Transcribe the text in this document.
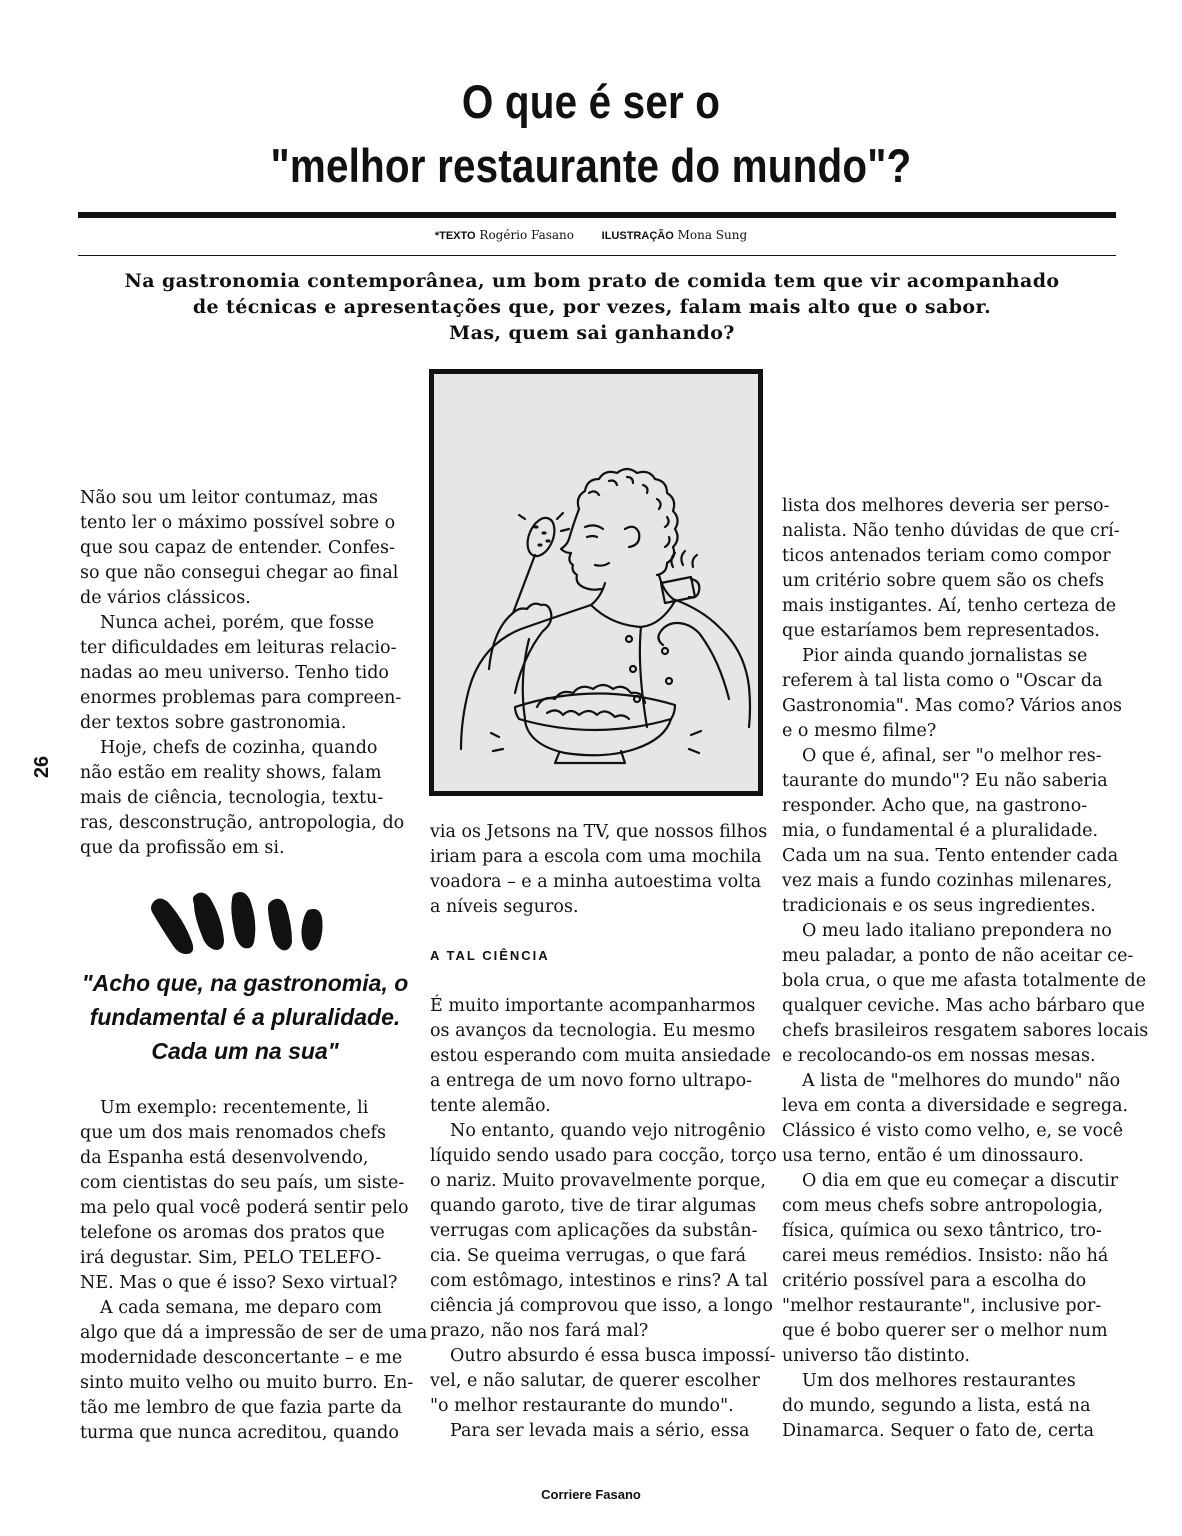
O que é ser o
"melhor restaurante do mundo"?
*TEXTO Rogério Fasano	ILUSTRAÇÃO Mona Sung
Na gastronomia contemporânea, um bom prato de comida tem que vir acompanhado
de técnicas e apresentações que, por vezes, falam mais alto que o sabor.
Mas, quem sai ganhando?
26

Não sou um leitor contumaz, mas

tento ler o máximo possível sobre o

que sou capaz de entender. Confes-

so que não consegui chegar ao final

de vários clássicos.

Nunca achei, porém, que fosse

ter dificuldades em leituras relacio-

nadas ao meu universo. Tenho tido

enormes problemas para compreen-

der textos sobre gastronomia.

Hoje, chefs de cozinha, quando

não estão em reality shows, falam

mais de ciência, tecnologia, textu-

ras, desconstrução, antropologia, do

que da profissão em si.

"Acho que, na gastronomia, o
fundamental é a pluralidade.
Cada um na sua"

Um exemplo: recentemente, li

que um dos mais renomados chefs

da Espanha está desenvolvendo,

com cientistas do seu país, um siste-

ma pelo qual você poderá sentir pelo

telefone os aromas dos pratos que

irá degustar. Sim, PELO TELEFO-

NE. Mas o que é isso? Sexo virtual?

A cada semana, me deparo com

algo que dá a impressão de ser de uma

modernidade desconcertante – e me

sinto muito velho ou muito burro. En-

tão me lembro de que fazia parte da

turma que nunca acreditou, quando

via os Jetsons na TV, que nossos filhos

iriam para a escola com uma mochila

voadora – e a minha autoestima volta

a níveis seguros.

A TAL CIÊNCIA

É muito importante acompanharmos

os avanços da tecnologia. Eu mesmo

estou esperando com muita ansiedade

a entrega de um novo forno ultrapo-

tente alemão.

No entanto, quando vejo nitrogênio

líquido sendo usado para cocção, torço

o nariz. Muito provavelmente porque,

quando garoto, tive de tirar algumas

verrugas com aplicações da substân-

cia. Se queima verrugas, o que fará

com estômago, intestinos e rins? A tal

ciência já comprovou que isso, a longo

prazo, não nos fará mal?

Outro absurdo é essa busca impossí-

vel, e não salutar, de querer escolher

"o melhor restaurante do mundo".

Para ser levada mais a sério, essa

lista dos melhores deveria ser perso-

nalista. Não tenho dúvidas de que crí-

ticos antenados teriam como compor

um critério sobre quem são os chefs

mais instigantes. Aí, tenho certeza de

que estaríamos bem representados.

Pior ainda quando jornalistas se

referem à tal lista como o "Oscar da

Gastronomia". Mas como? Vários anos

e o mesmo filme?

O que é, afinal, ser "o melhor res-

taurante do mundo"? Eu não saberia

responder. Acho que, na gastrono-

mia, o fundamental é a pluralidade.

Cada um na sua. Tento entender cada

vez mais a fundo cozinhas milenares,

tradicionais e os seus ingredientes.

O meu lado italiano prepondera no

meu paladar, a ponto de não aceitar ce-

bola crua, o que me afasta totalmente de

qualquer ceviche. Mas acho bárbaro que

chefs brasileiros resgatem sabores locais

e recolocando-os em nossas mesas.

A lista de "melhores do mundo" não

leva em conta a diversidade e segrega.

Clássico é visto como velho, e, se você

usa terno, então é um dinossauro.

O dia em que eu começar a discutir

com meus chefs sobre antropologia,

física, química ou sexo tântrico, tro-

carei meus remédios. Insisto: não há

critério possível para a escolha do

"melhor restaurante", inclusive por-

que é bobo querer ser o melhor num

universo tão distinto.

Um dos melhores restaurantes

do mundo, segundo a lista, está na

Dinamarca. Sequer o fato de, certa

Corriere Fasano
